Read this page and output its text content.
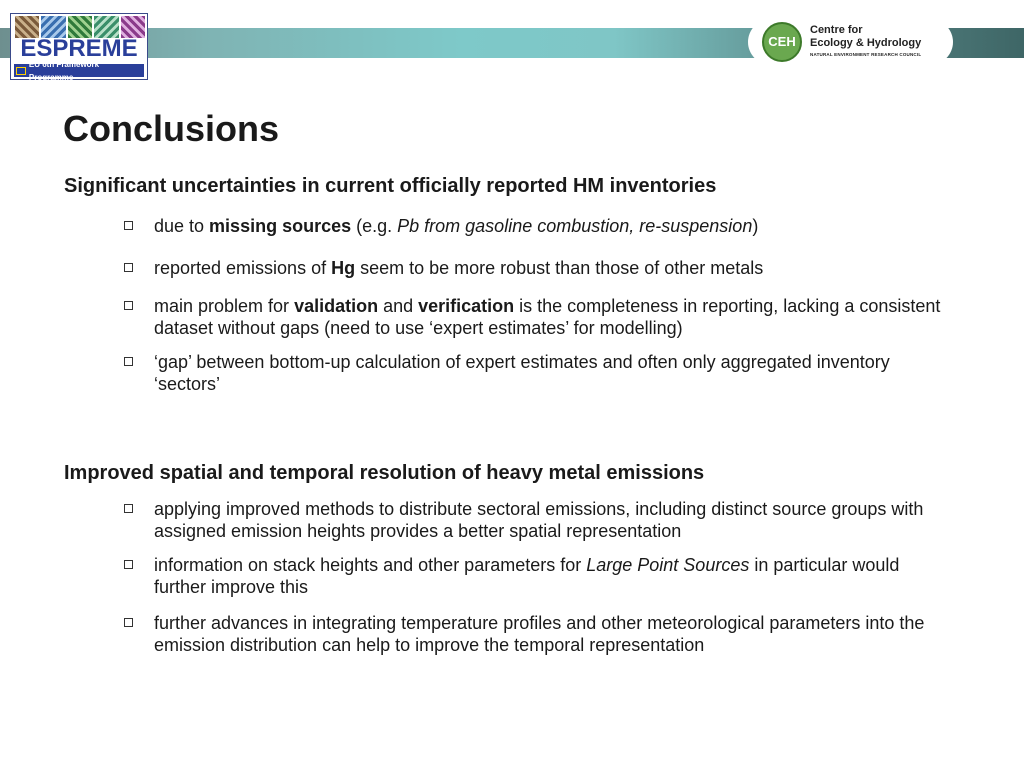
ESPREME
EU 6th Framework Programme
CEH
Centre for
Ecology & Hydrology
NATURAL ENVIRONMENT RESEARCH COUNCIL
Conclusions
Significant uncertainties in current officially reported HM inventories
due to missing sources (e.g. Pb from gasoline combustion, re-suspension)
reported emissions of Hg seem to be more robust than those of other metals
main problem for validation and verification is the completeness in reporting, lacking a consistent dataset without gaps (need to use ‘expert estimates’ for modelling)
‘gap’ between bottom-up calculation of expert estimates and often only aggregated inventory ‘sectors’
Improved spatial and temporal resolution of heavy metal emissions
applying improved methods to distribute sectoral emissions, including distinct source groups with assigned emission heights provides a better spatial representation
information on stack heights and other parameters for Large Point Sources in particular would further improve this
further advances in integrating temperature profiles and other meteorological parameters into the emission distribution can help to improve the temporal representation
